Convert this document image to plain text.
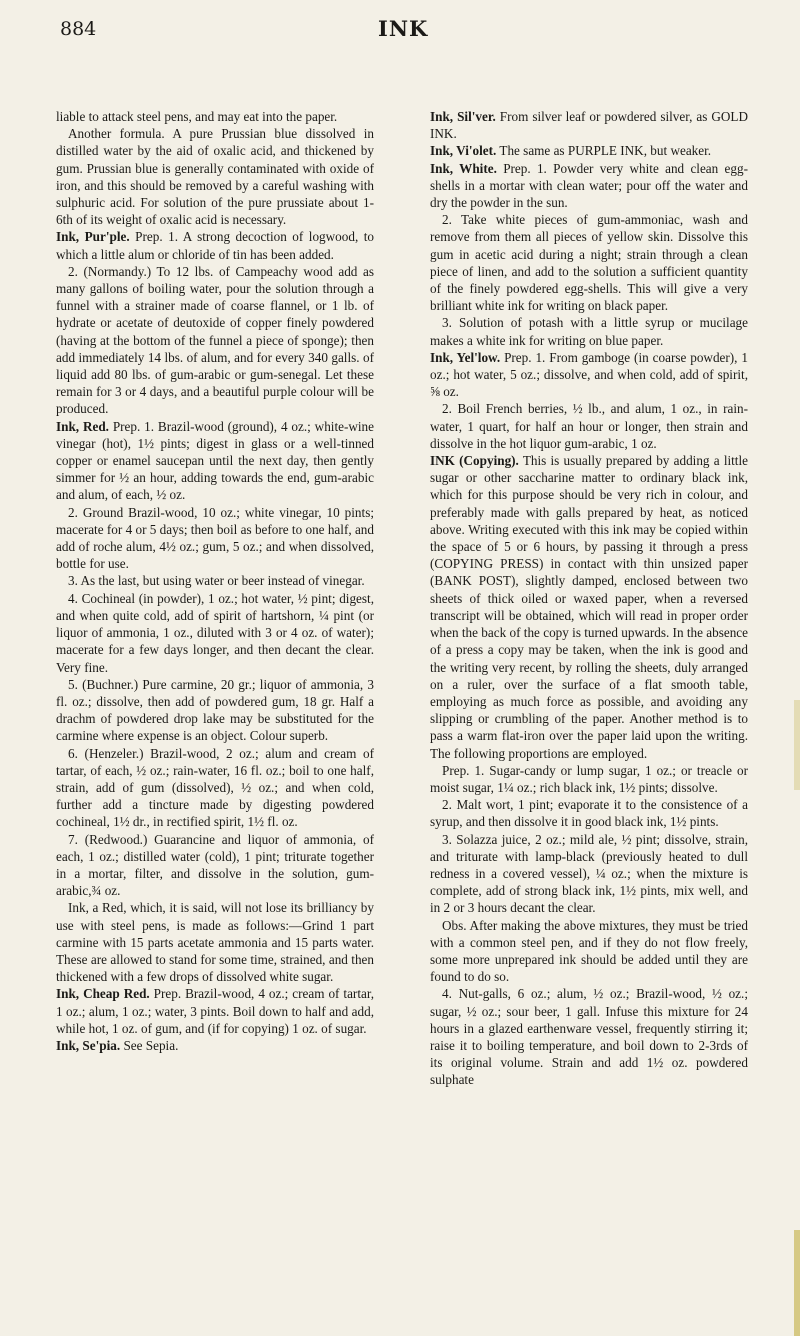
884	INK

liable to attack steel pens, and may eat into the paper.

Another formula. A pure Prussian blue dissolved in distilled water by the aid of oxalic acid, and thickened by gum. Prussian blue is generally contaminated with oxide of iron, and this should be removed by a careful washing with sulphuric acid. For solution of the pure prussiate about 1-6th of its weight of oxalic acid is necessary.

Ink, Pur'ple. Prep. 1. A strong decoction of logwood, to which a little alum or chloride of tin has been added.

2. (Normandy.) To 12 lbs. of Campeachy wood add as many gallons of boiling water, pour the solution through a funnel with a strainer made of coarse flannel, or 1 lb. of hydrate or acetate of deutoxide of copper finely powdered (having at the bottom of the funnel a piece of sponge); then add immediately 14 lbs. of alum, and for every 340 galls. of liquid add 80 lbs. of gum-arabic or gum-senegal. Let these remain for 3 or 4 days, and a beautiful purple colour will be produced.

Ink, Red. Prep. 1. Brazil-wood (ground), 4 oz.; white-wine vinegar (hot), 1½ pints; digest in glass or a well-tinned copper or enamel saucepan until the next day, then gently simmer for ½ an hour, adding towards the end, gum-arabic and alum, of each, ½ oz.

2. Ground Brazil-wood, 10 oz.; white vinegar, 10 pints; macerate for 4 or 5 days; then boil as before to one half, and add of roche alum, 4½ oz.; gum, 5 oz.; and when dissolved, bottle for use.

3. As the last, but using water or beer instead of vinegar.

4. Cochineal (in powder), 1 oz.; hot water, ½ pint; digest, and when quite cold, add of spirit of hartshorn, ¼ pint (or liquor of ammonia, 1 oz., diluted with 3 or 4 oz. of water); macerate for a few days longer, and then decant the clear. Very fine.

5. (Buchner.) Pure carmine, 20 gr.; liquor of ammonia, 3 fl. oz.; dissolve, then add of powdered gum, 18 gr. Half a drachm of powdered drop lake may be substituted for the carmine where expense is an object. Colour superb.

6. (Henzeler.) Brazil-wood, 2 oz.; alum and cream of tartar, of each, ½ oz.; rain-water, 16 fl. oz.; boil to one half, strain, add of gum (dissolved), ½ oz.; and when cold, further add a tincture made by digesting powdered cochineal, 1½ dr., in rectified spirit, 1½ fl. oz.

7. (Redwood.) Guarancine and liquor of ammonia, of each, 1 oz.; distilled water (cold), 1 pint; triturate together in a mortar, filter, and dissolve in the solution, gum-arabic,¾ oz.

Ink, a Red, which, it is said, will not lose its brilliancy by use with steel pens, is made as follows:—Grind 1 part carmine with 15 parts acetate ammonia and 15 parts water. These are allowed to stand for some time, strained, and then thickened with a few drops of dissolved white sugar.

Ink, Cheap Red. Prep. Brazil-wood, 4 oz.; cream of tartar, 1 oz.; alum, 1 oz.; water, 3 pints. Boil down to half and add, while hot, 1 oz. of gum, and (if for copying) 1 oz. of sugar.

Ink, Se'pia. See Sepia.

Ink, Sil'ver. From silver leaf or powdered silver, as GOLD INK.

Ink, Vi'olet. The same as PURPLE INK, but weaker.

Ink, White. Prep. 1. Powder very white and clean egg-shells in a mortar with clean water; pour off the water and dry the powder in the sun.

2. Take white pieces of gum-ammoniac, wash and remove from them all pieces of yellow skin. Dissolve this gum in acetic acid during a night; strain through a clean piece of linen, and add to the solution a sufficient quantity of the finely powdered egg-shells. This will give a very brilliant white ink for writing on black paper.

3. Solution of potash with a little syrup or mucilage makes a white ink for writing on blue paper.

Ink, Yel'low. Prep. 1. From gamboge (in coarse powder), 1 oz.; hot water, 5 oz.; dissolve, and when cold, add of spirit, ⅝ oz.

2. Boil French berries, ½ lb., and alum, 1 oz., in rain-water, 1 quart, for half an hour or longer, then strain and dissolve in the hot liquor gum-arabic, 1 oz.

INK (Copying). This is usually prepared by adding a little sugar or other saccharine matter to ordinary black ink, which for this purpose should be very rich in colour, and preferably made with galls prepared by heat, as noticed above. Writing executed with this ink may be copied within the space of 5 or 6 hours, by passing it through a press (COPYING PRESS) in contact with thin unsized paper (BANK POST), slightly damped, enclosed between two sheets of thick oiled or waxed paper, when a reversed transcript will be obtained, which will read in proper order when the back of the copy is turned upwards. In the absence of a press a copy may be taken, when the ink is good and the writing very recent, by rolling the sheets, duly arranged on a ruler, over the surface of a flat smooth table, employing as much force as possible, and avoiding any slipping or crumbling of the paper. Another method is to pass a warm flat-iron over the paper laid upon the writing. The following proportions are employed.

Prep. 1. Sugar-candy or lump sugar, 1 oz.; or treacle or moist sugar, 1¼ oz.; rich black ink, 1½ pints; dissolve.

2. Malt wort, 1 pint; evaporate it to the consistence of a syrup, and then dissolve it in good black ink, 1½ pints.

3. Solazza juice, 2 oz.; mild ale, ½ pint; dissolve, strain, and triturate with lamp-black (previously heated to dull redness in a covered vessel), ¼ oz.; when the mixture is complete, add of strong black ink, 1½ pints, mix well, and in 2 or 3 hours decant the clear.

Obs. After making the above mixtures, they must be tried with a common steel pen, and if they do not flow freely, some more unprepared ink should be added until they are found to do so.

4. Nut-galls, 6 oz.; alum, ½ oz.; Brazil-wood, ½ oz.; sugar, ½ oz.; sour beer, 1 gall. Infuse this mixture for 24 hours in a glazed earthenware vessel, frequently stirring it; raise it to boiling temperature, and boil down to 2-3rds of its original volume. Strain and add 1½ oz. powdered sulphate
